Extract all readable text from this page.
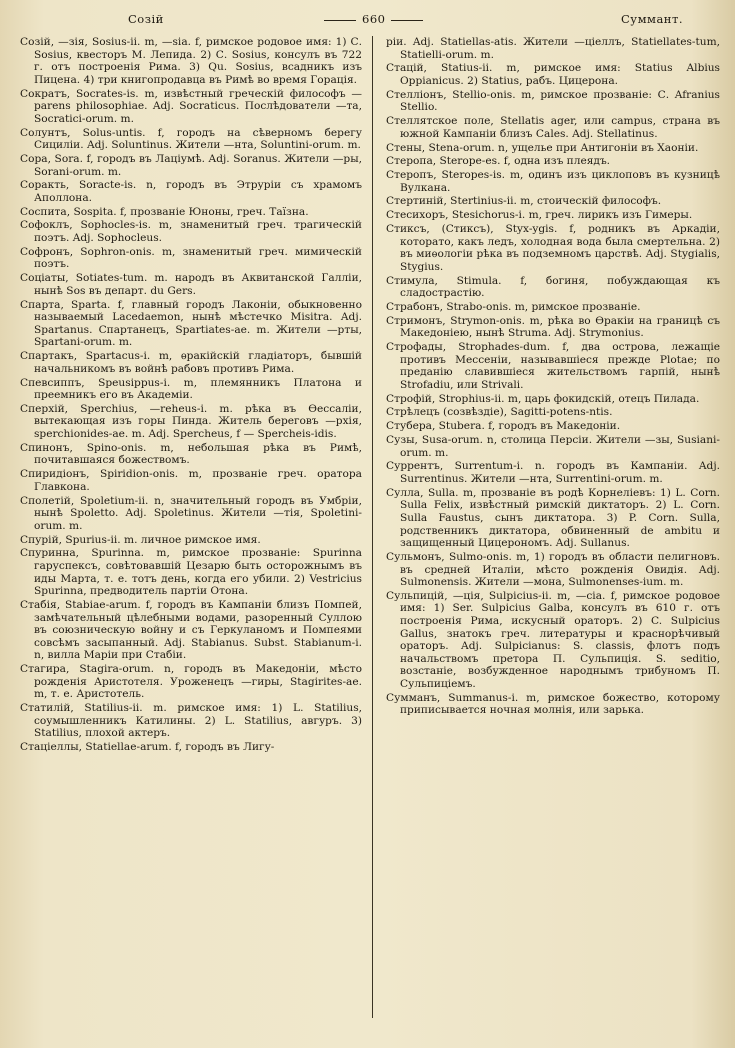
Созій	660	Суммант.

Созій, —зія, Sosius-ii. m, —sia. f, римское родовое имя: 1) С. Sosius, квесторъ М. Лепида. 2) С. Sosius, консулъ въ 722 г. отъ построенія Рима. 3) Qu. Sosius, всадникъ изъ Пицена. 4) три книгопродавца въ Римѣ во время Горація.

Сократъ, Socrates-is. m, извѣстный греческій философъ — parens philosophiae. Adj. Socraticus. Послѣдователи —та, Socratici-orum. m.

Солунтъ, Solus-untis. f, городъ на сѣверномъ берегу Сициліи. Adj. Soluntinus. Жители —нта, Soluntini-orum. m.

Сора, Sora. f, городъ въ Лаціумѣ. Adj. Soranus. Жители —ры, Sorani-orum. m.

Соракть, Soracte-is. n, городъ въ Этруріи съ храмомъ Аполлона.

Соспита, Sospita. f, прозваніе Юноны, греч. Таїзна.

Софоклъ, Sophocles-is. m, знаменитый греч. трагическій поэтъ. Adj. Sophocleus.

Софронъ, Sophron-onis. m, знаменитый греч. мимическій поэтъ.

Соціаты, Sotiates-tum. m. народъ въ Аквитанской Галліи, нынѣ Sos въ департ. du Gers.

Спарта, Sparta. f, главный городъ Лаконіи, обыкновенно называемый Lacedaemon, нынѣ мѣстечко Misitra. Adj. Spartanus. Спартанецъ, Spartiates-ae. m. Жители —рты, Spartani-orum. m.

Спартакъ, Spartacus-i. m, ѳракійскій гладіаторъ, бывшій начальникомъ въ войнѣ рабовъ противъ Рима.

Спевсиппъ, Speusippus-i. m, племянникъ Платона и преемникъ его въ Академіи.

Сперхій, Sperchius, —reheus-i. m. рѣка въ Ѳессаліи, вытекающая изъ горы Пинда. Житель береговъ —рхія, sperchionides-ae. m. Adj. Spercheus, f — Sperchеis-idis.

Спинонъ, Spino-onis. m, небольшая рѣка въ Римѣ, почитавшаяся божествомъ.

Спиридіонъ, Spiridion-onis. m, прозваніе греч. оратора Главкона.

Сполетій, Spoletium-ii. n, значительный городъ въ Умбріи, нынѣ Spoletto. Adj. Spoletinus. Жители —тія, Spoletini-orum. m.

Спурій, Spurius-ii. m. личное римское имя.

Спуринна, Spurinna. m, римское прозваніе: Spurinna гаруспексъ, совѣтовавшій Цезарю быть осторожнымъ въ иды Марта, т. е. тотъ день, когда его убили. 2) Vestricius Spurinna, предводитель партіи Отона.

Стабія, Stabiae-arum. f, городъ въ Кампаніи близъ Помпей, замѣчательный цѣлебными водами, разоренный Суллою въ союзническую войну и съ Геркуланомъ и Помпеями совсѣмъ засыпанный. Adj. Stabianus. Subst. Stabianum-i. n, вилла Маріи при Стабіи.

Стагира, Stagira-orum. n, городъ въ Македоніи, мѣсто рожденія Аристотеля. Уроженецъ —гиры, Stagirites-ae. m, т. е. Аристотель.

Статилій, Statilius-ii. m. римское имя: 1) L. Statilius, соумышленникъ Катилины. 2) L. Statilius, авгуръ. 3) Statilius, плохой актеръ.

Стацiеллы, Statiellae-arum. f, городъ въ Лигу-

ріи. Adj. Statiellas-atis. Жители —цiеллъ, Statiellates-tum, Statielli-orum. m.

Стацій, Statius-ii. m, римское имя: Statius Albius Oppianicus. 2) Statius, рабъ. Цицерона.

Стеллiонъ, Stellio-onis. m, римское прозваніе: С. Afranius Stellio.

Стеллятское поле, Stellatis ager, или campus, страна въ южной Кампаніи близъ Cales. Adj. Stellatinus.

Стены, Stena-orum. n, ущелье при Антигоніи въ Хаоніи.

Стеропа, Sterope-es. f, одна изъ плеядъ.

Стеропъ, Steropes-is. m, одинъ изъ циклоповъ въ кузницѣ Вулкана.

Стертиній, Stertinius-ii. m, стоическій философъ.

Стесихоръ, Stesichorus-i. m, греч. лирикъ изъ Гимеры.

Стиксъ, (Стиксъ), Styx-ygis. f, родникъ въ Аркадіи, которато, какъ ледъ, холодная вода была смертельна. 2) въ миѳологіи рѣка въ подземномъ царствѣ. Adj. Stygialis, Stygius.

Стимула, Stimula. f, богиня, побуждающая къ сладострастію.

Страбонъ, Strabo-onis. m, римское прозваніе.

Стримонъ, Strymon-onis. m, рѣка во Ѳракіи на границѣ съ Македоніею, нынѣ Struma. Adj. Strymonius.

Строфады, Strophades-dum. f, два острова, лежащіе противъ Мессеніи, называвшіеся прежде Plotae; по преданію славившіеся жительствомъ гарпій, нынѣ Strofadiu, или Strivali.

Строфій, Strophius-ii. m, царь фокидскій, отецъ Пилада.

Стрѣлецъ (созвѣздіе), Sagitti-potens-ntis.

Стубера, Stubera. f, городъ въ Македоніи.

Сузы, Susa-orum. n, столица Персіи. Жители —зы, Susiani-orum. m.

Суррентъ, Surrentum-i. n. городъ въ Кампаніи. Adj. Surrentinus. Жители —нта, Surrentini-orum. m.

Сулла, Sulla. m, прозваніе въ родѣ Корнеліевъ: 1) L. Corn. Sulla Felix, извѣстный римскій диктаторъ. 2) L. Corn. Sulla Faustus, сынъ диктатора. 3) P. Corn. Sulla, родственникъ диктатора, обвиненный de ambitu и защищенный Цицерономъ. Adj. Sullanus.

Сульмонъ, Sulmo-onis. m, 1) городъ въ области пелигновъ. въ средней Италіи, мѣсто рожденія Овидія. Adj. Sulmonensis. Жители —мона, Sulmonenses-ium. m.

Сульпицій, —ція, Sulpicius-ii. m, —cia. f, римское родовое имя: 1) Ser. Sulpicius Galba, консулъ въ 610 г. отъ построенія Рима, искусный ораторъ. 2) C. Sulpicius Gallus, знатокъ греч. литературы и краснорѣчивый ораторъ. Adj. Sulpicianus: S. classis, флотъ подъ начальствомъ претора П. Сульпиція. S. seditio, возстаніе, возбужденное народнымъ трибуномъ П. Сульпиціемъ.

Сумманъ, Summanus-i. m, римское божество, которому приписывается ночная молнія, или зарька.
